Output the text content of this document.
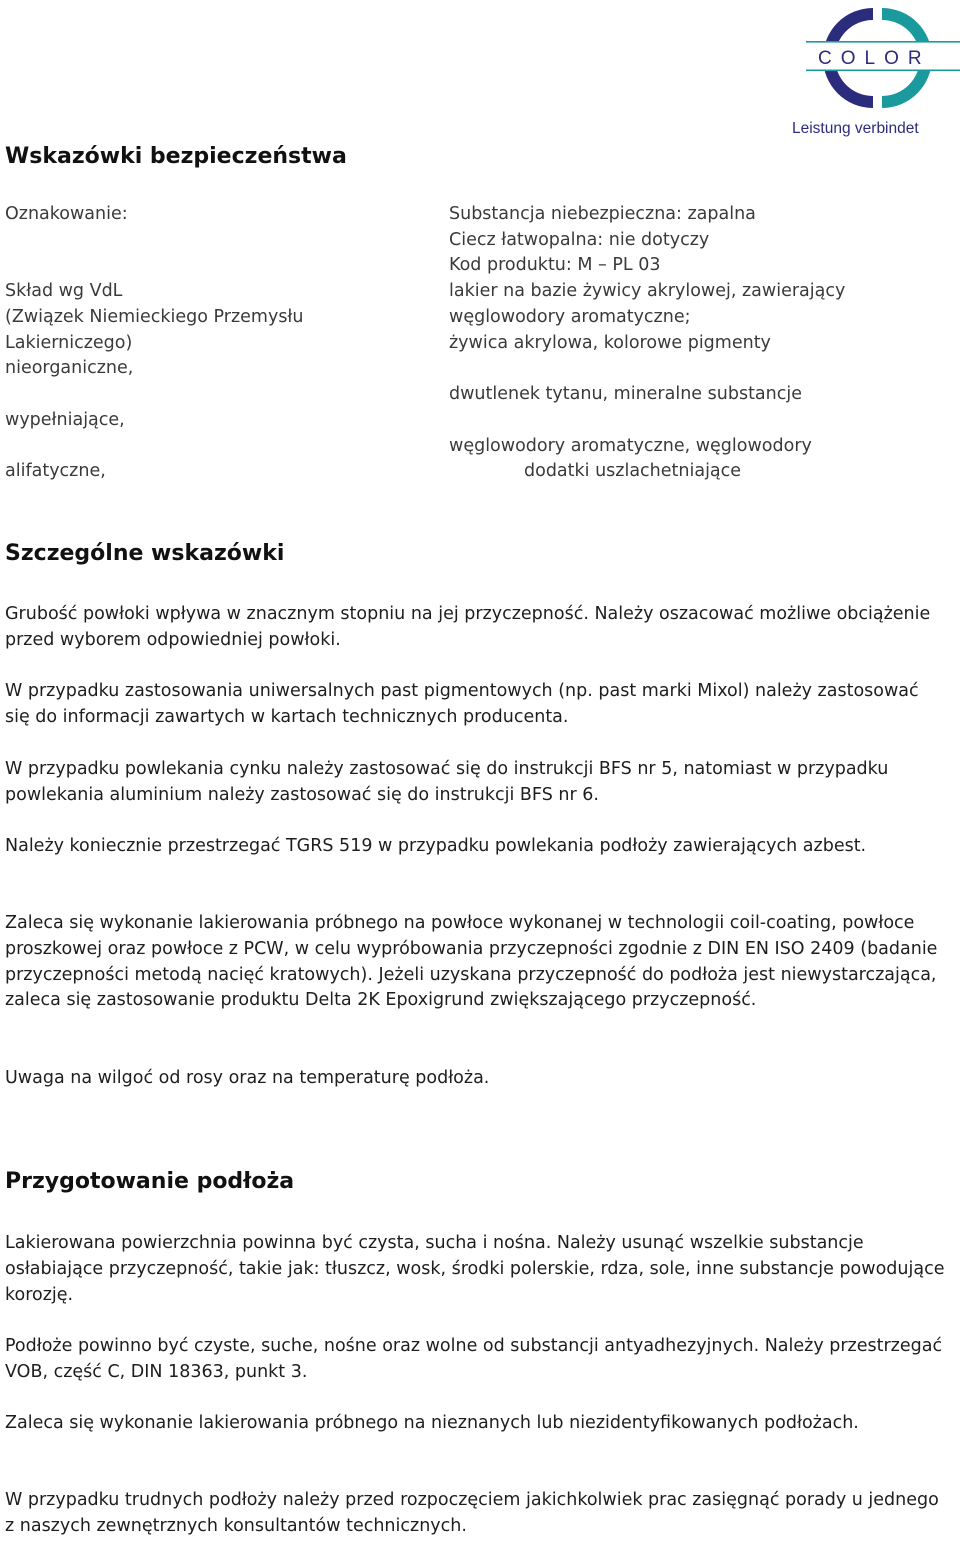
COLOR
Leistung verbindet
Wskazówki bezpieczeństwa
Oznakowanie:
Skład wg VdL
(Związek Niemieckiego Przemysłu
Lakierniczego)
nieorganiczne,
wypełniające,
alifatyczne,
Substancja niebezpieczna: zapalna
Ciecz łatwopalna: nie dotyczy
Kod produktu: M – PL 03
lakier na bazie żywicy akrylowej, zawierający
węglowodory aromatyczne;
żywica akrylowa, kolorowe pigmenty
dwutlenek tytanu, mineralne substancje
węglowodory aromatyczne, węglowodory
dodatki uszlachetniające
Szczególne wskazówki
Grubość powłoki wpływa w znacznym stopniu na jej przyczepność. Należy oszacować możliwe obciążenie przed wyborem odpowiedniej powłoki.
W przypadku zastosowania uniwersalnych past pigmentowych (np. past marki Mixol) należy zastosować się do informacji zawartych w kartach technicznych producenta.
W przypadku powlekania cynku należy zastosować się do instrukcji BFS nr 5, natomiast w przypadku powlekania aluminium należy zastosować się do instrukcji BFS nr 6.
Należy koniecznie przestrzegać TGRS 519 w przypadku powlekania podłoży zawierających azbest.
Zaleca się wykonanie lakierowania próbnego na powłoce wykonanej w technologii coil-coating, powłoce proszkowej oraz powłoce z PCW, w celu wypróbowania przyczepności zgodnie z DIN EN ISO 2409 (badanie przyczepności metodą nacięć kratowych). Jeżeli uzyskana przyczepność do podłoża jest niewystarczająca, zaleca się zastosowanie produktu Delta 2K Epoxigrund zwiększającego przyczepność.
Uwaga na wilgoć od rosy oraz na temperaturę podłoża.
Przygotowanie podłoża
Lakierowana powierzchnia powinna być czysta, sucha i nośna. Należy usunąć wszelkie substancje osłabiające przyczepność, takie jak: tłuszcz, wosk, środki polerskie, rdza, sole, inne substancje powodujące korozję.
Podłoże powinno być czyste, suche, nośne oraz wolne od substancji antyadhezyjnych. Należy przestrzegać VOB, część C, DIN 18363, punkt 3.
Zaleca się wykonanie lakierowania próbnego na nieznanych lub niezidentyfikowanych podłożach.
W przypadku trudnych podłoży należy przed rozpoczęciem jakichkolwiek prac zasięgnąć porady u jednego z naszych zewnętrznych konsultantów technicznych.
